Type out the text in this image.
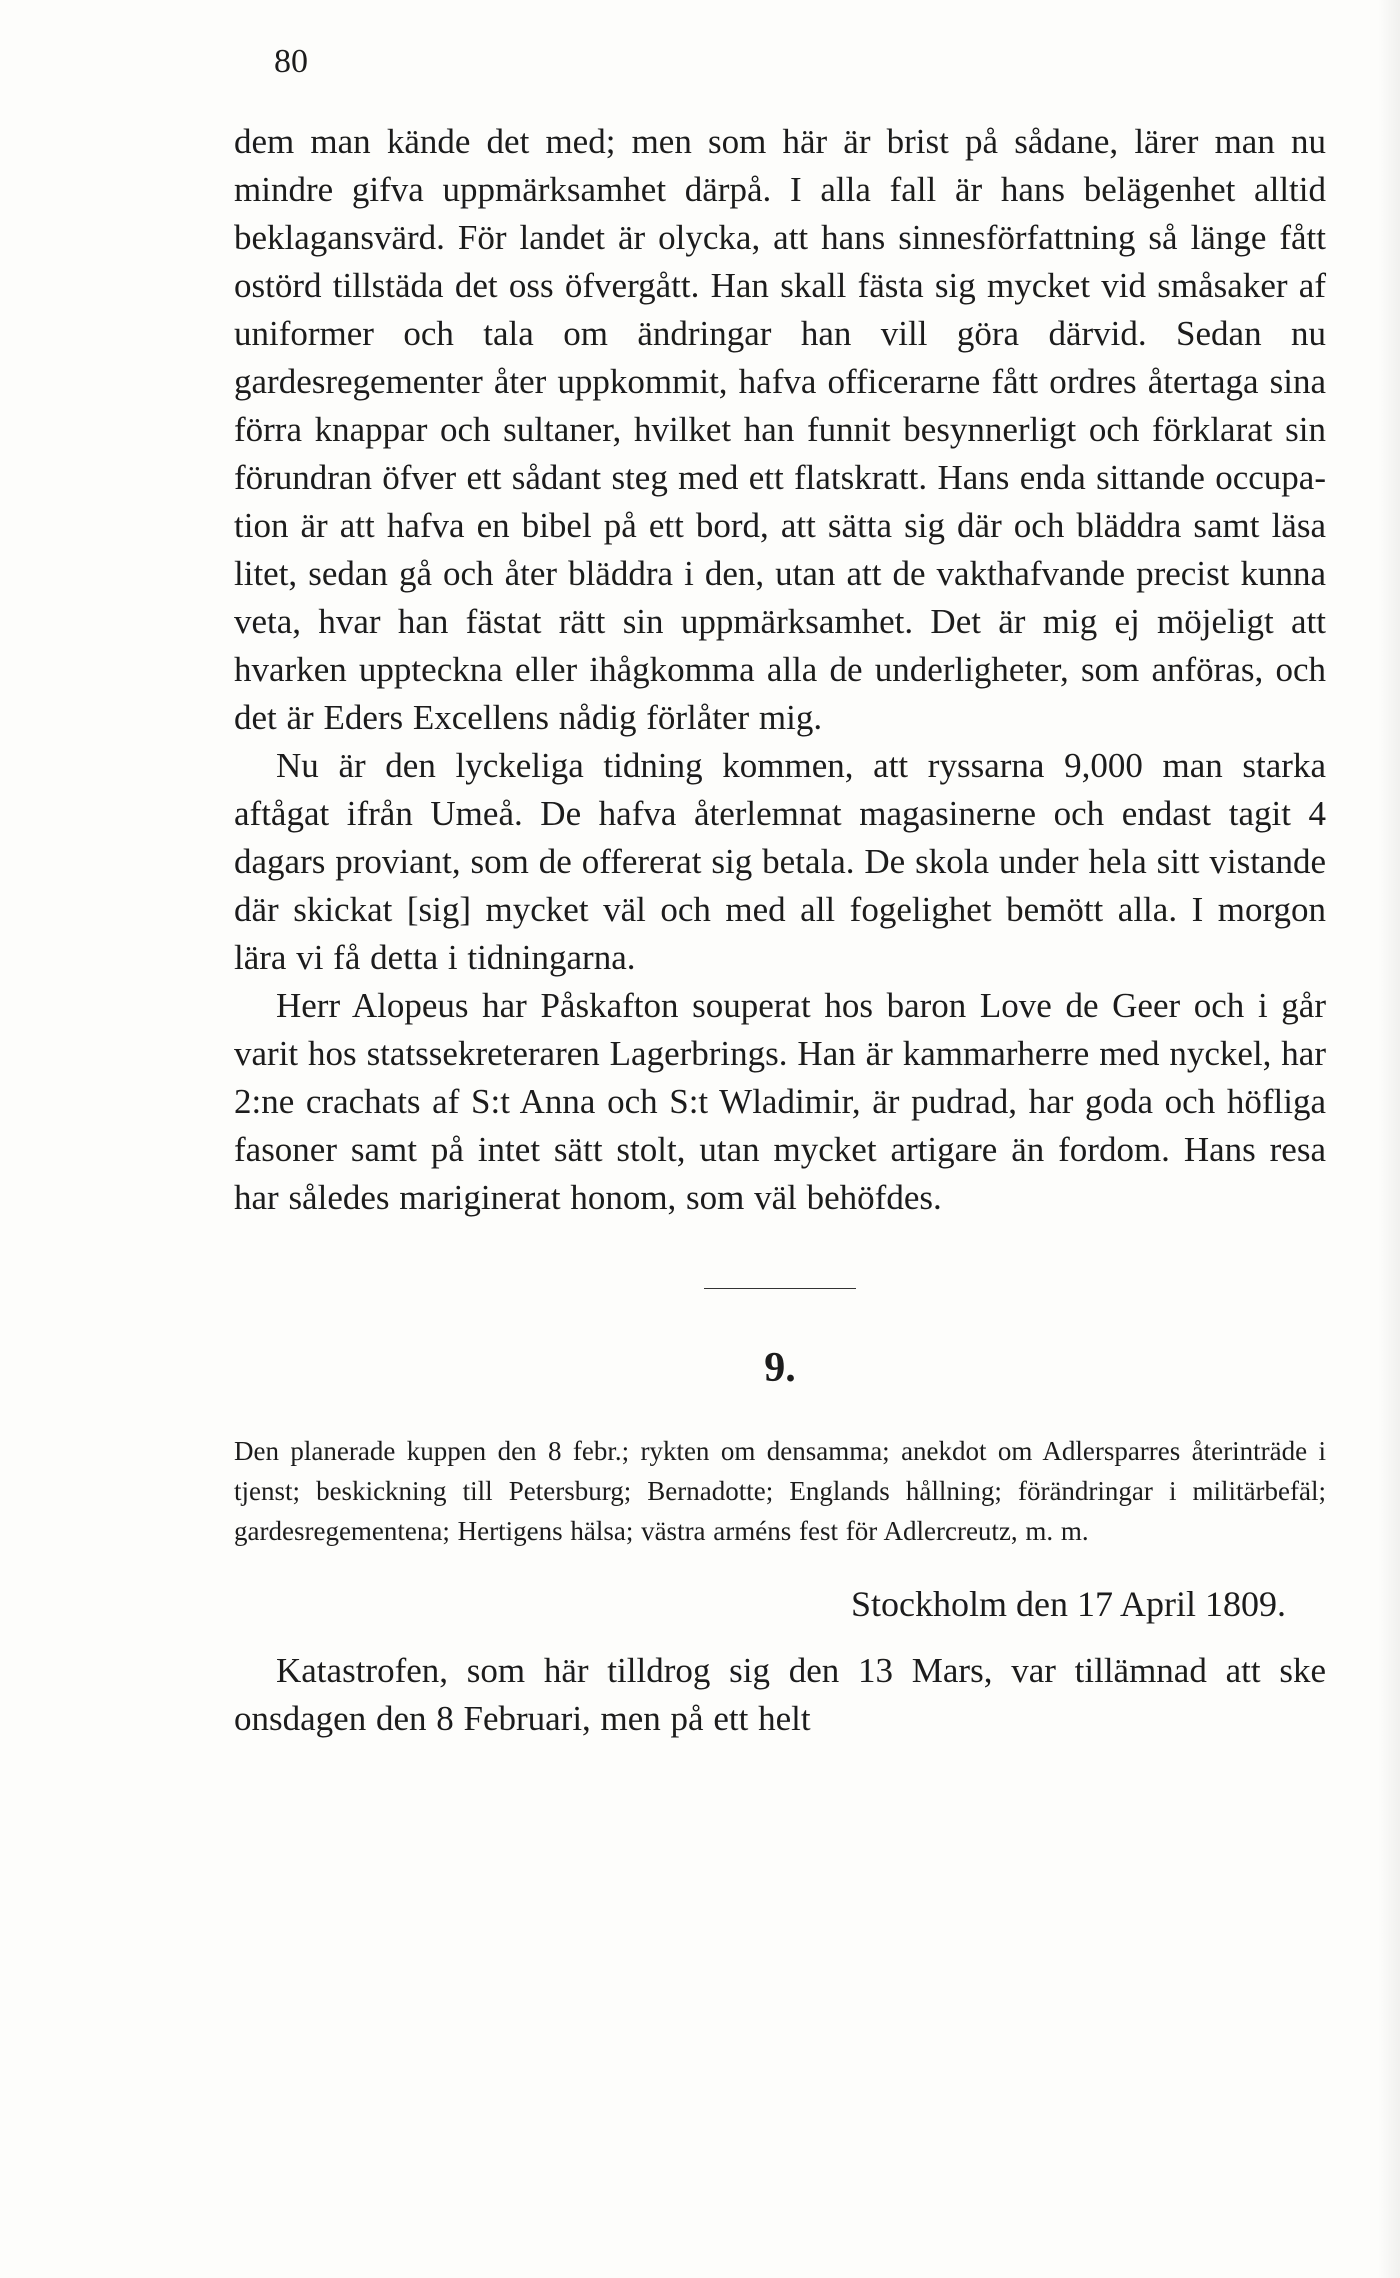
80

dem man kände det med; men som här är brist på sådane, lärer man nu mindre gifva uppmärksamhet därpå. I alla fall är hans belägenhet alltid beklagansvärd. För landet är olycka, att hans sinnesförfattning så länge fått ostörd tillstäda det oss öfvergått. Han skall fästa sig mycket vid småsaker af uniformer och tala om ändringar han vill göra därvid. Sedan nu gardesregementer åter uppkommit, hafva officerarne fått ordres återtaga sina förra knappar och sultaner, hvilket han funnit besynnerligt och förklarat sin förundran öfver ett sådant steg med ett flatskratt. Hans enda sittande occupation är att hafva en bibel på ett bord, att sätta sig där och bläddra samt läsa litet, sedan gå och åter bläddra i den, utan att de vakthafvande precist kunna veta, hvar han fästat rätt sin uppmärksamhet. Det är mig ej möjeligt att hvarken uppteckna eller ihågkomma alla de underligheter, som anföras, och det är Eders Excellens nådig förlåter mig.

Nu är den lyckeliga tidning kommen, att ryssarna 9,000 man starka aftågat ifrån Umeå. De hafva återlemnat magasinerne och endast tagit 4 dagars proviant, som de offererat sig betala. De skola under hela sitt vistande där skickat [sig] mycket väl och med all fogelighet bemött alla. I morgon lära vi få detta i tidningarna.

Herr Alopeus har Påskafton souperat hos baron Love de Geer och i går varit hos statssekreteraren Lagerbrings. Han är kammarherre med nyckel, har 2:ne crachats af S:t Anna och S:t Wladimir, är pudrad, har goda och höfliga fasoner samt på intet sätt stolt, utan mycket artigare än fordom. Hans resa har således mariginerat honom, som väl behöfdes.

9.

Den planerade kuppen den 8 febr.; rykten om densamma; anekdot om Adlersparres återinträde i tjenst; beskickning till Petersburg; Bernadotte; Englands hållning; förändringar i militärbefäl; gardesregementena; Hertigens hälsa; västra arméns fest för Adlercreutz, m. m.

Stockholm den 17 April 1809.

Katastrofen, som här tilldrog sig den 13 Mars, var tillämnad att ske onsdagen den 8 Februari, men på ett helt
